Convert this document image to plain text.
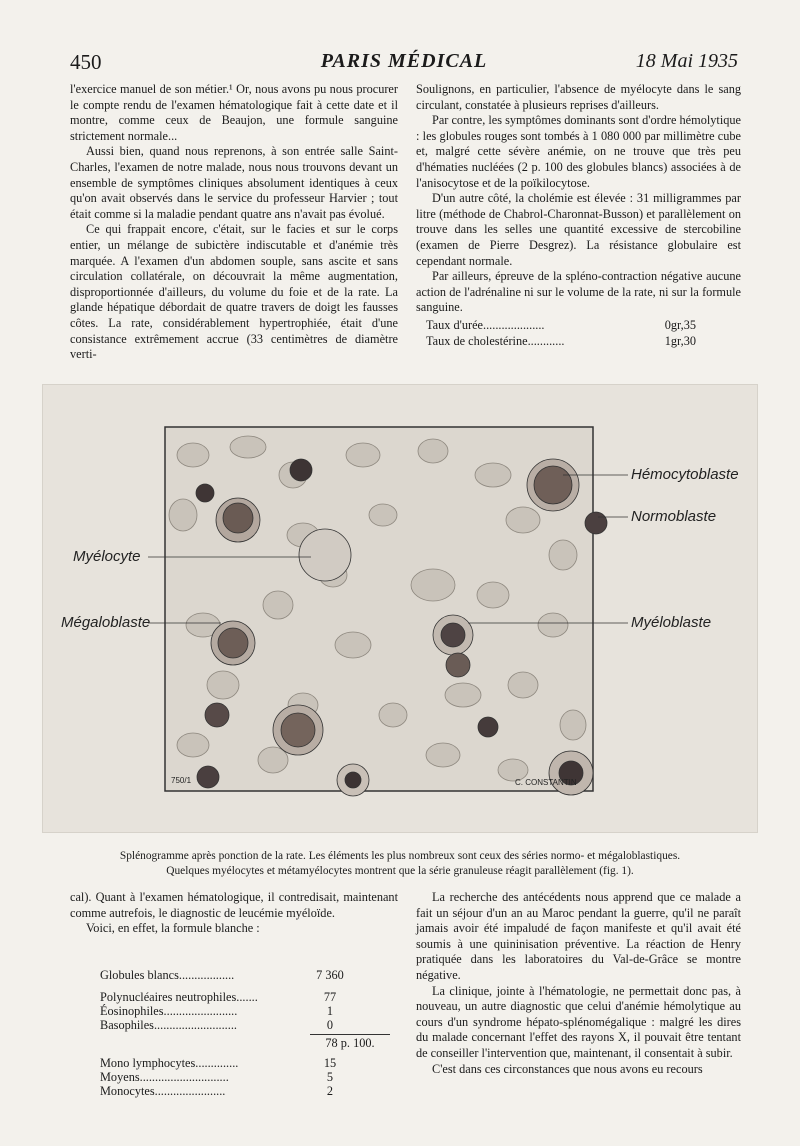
450	PARIS MÉDICAL	18 Mai 1935

l'exercice manuel de son métier.¹ Or, nous avons pu nous procurer le compte rendu de l'examen hématologique fait à cette date et il montre, comme ceux de Beaujon, une formule sanguine strictement normale...

Aussi bien, quand nous reprenons, à son entrée salle Saint-Charles, l'examen de notre malade, nous nous trouvons devant un ensemble de symptômes cliniques absolument identiques à ceux qu'on avait observés dans le service du professeur Harvier ; tout était comme si la maladie pendant quatre ans n'avait pas évolué.

Ce qui frappait encore, c'était, sur le facies et sur le corps entier, un mélange de subictère indiscutable et d'anémie très marquée. A l'examen d'un abdomen souple, sans ascite et sans circulation collatérale, on découvrait la même augmentation, disproportionnée d'ailleurs, du volume du foie et de la rate. La glande hépatique débordait de quatre travers de doigt les fausses côtes. La rate, considérablement hypertrophiée, était d'une consistance extrêmement accrue (33 centimètres de diamètre verti-

Soulignons, en particulier, l'absence de myélocyte dans le sang circulant, constatée à plusieurs reprises d'ailleurs.

Par contre, les symptômes dominants sont d'ordre hémolytique : les globules rouges sont tombés à 1 080 000 par millimètre cube et, malgré cette sévère anémie, on ne trouve que très peu d'hématies nucléées (2 p. 100 des globules blancs) associées à de l'anisocytose et de la poïkilocytose.

D'un autre côté, la cholémie est élevée : 31 milligrammes par litre (méthode de Chabrol-Charonnat-Busson) et parallèlement on trouve dans les selles une quantité excessive de stercobiline (examen de Pierre Desgrez). La résistance globulaire est cependant normale.

Par ailleurs, épreuve de la spléno-contraction négative aucune action de l'adrénaline ni sur le volume de la rate, ni sur la formule sanguine.

Taux d'urée....................	0gr,35
Taux de cholestérine............	1gr,30
Hémocytoblaste
Normoblaste
Myélocyte
Mégaloblaste	Myéloblaste
750/1	C. CONSTANTIN
Splénogramme après ponction de la rate. Les éléments les plus nombreux sont ceux des séries normo- et mégaloblastiques.
Quelques myélocytes et métamyélocytes montrent que la série granuleuse réagit parallèlement (fig. 1).

cal). Quant à l'examen hématologique, il contredisait, maintenant comme autrefois, le diagnostic de leucémie myéloïde.

Voici, en effet, la formule blanche :

Globules blancs..................	7 360
Polynucléaires neutrophiles.......	77
Éosinophiles........................	1
Basophiles...........................	0
78 p. 100.
Mono lymphocytes..............	15
Moyens.............................	5
Monocytes.......................	2

La recherche des antécédents nous apprend que ce malade a fait un séjour d'un an au Maroc pendant la guerre, qu'il ne paraît jamais avoir été impaludé de façon manifeste et qu'il avait été soumis à une quininisation préventive. La réaction de Henry pratiquée dans les laboratoires du Val-de-Grâce se montre négative.

La clinique, jointe à l'hématologie, ne permettait donc pas, à nouveau, un autre diagnostic que celui d'anémie hémolytique au cours d'un syndrome hépato-splénomégalique : malgré les dires du malade concernant l'effet des rayons X, il pouvait être tentant de conseiller l'intervention que, maintenant, il consentait à subir.

C'est dans ces circonstances que nous avons eu recours
